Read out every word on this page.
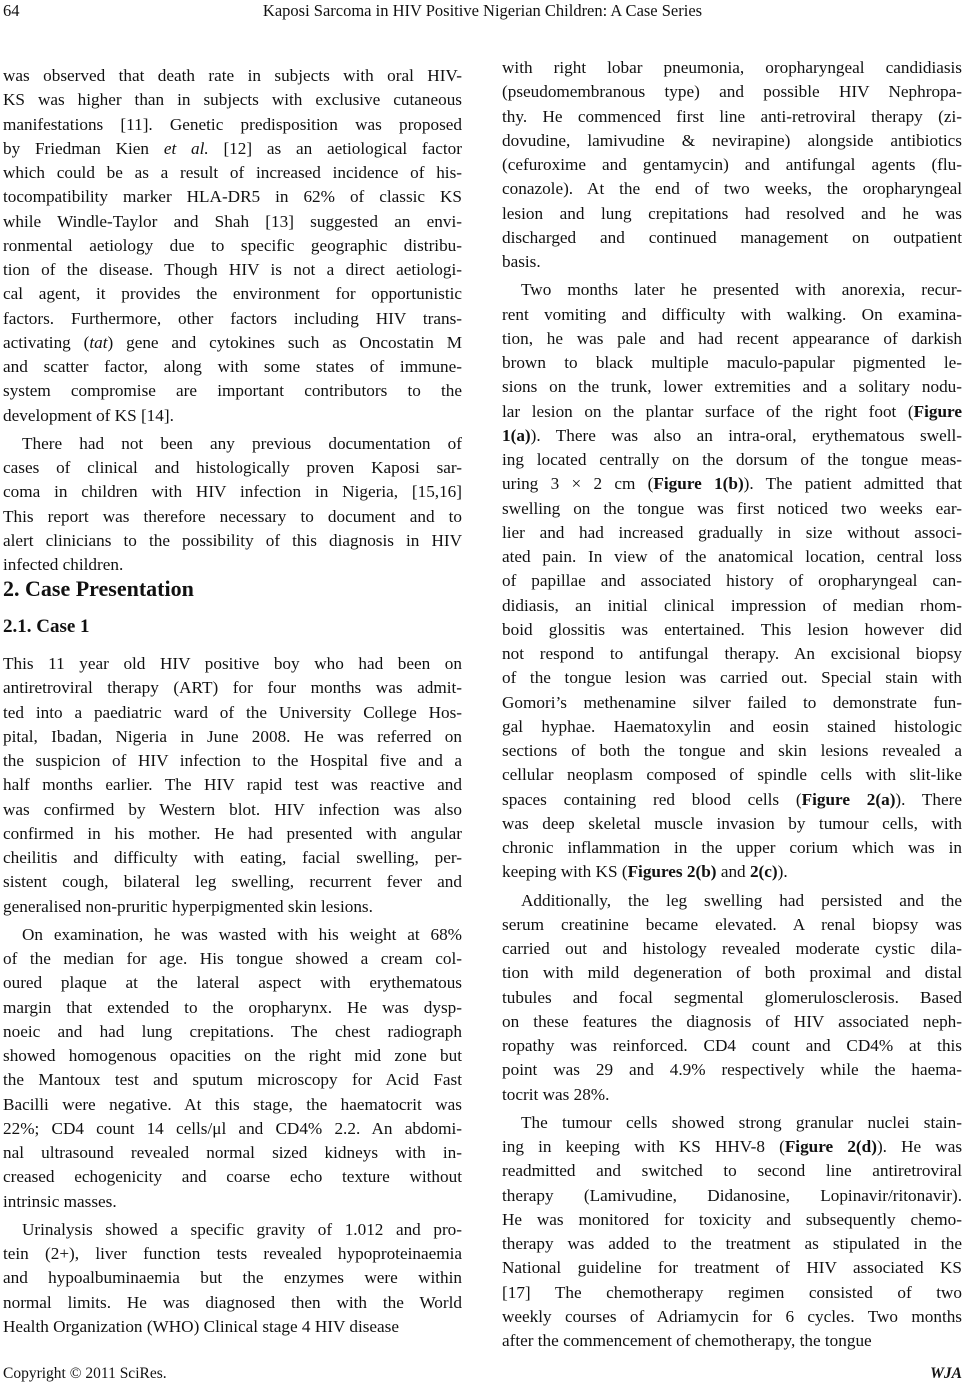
64	Kaposi Sarcoma in HIV Positive Nigerian Children: A Case Series
was observed that death rate in subjects with oral HIV-
KS was higher than in subjects with exclusive cutaneous
manifestations [11]. Genetic predisposition was proposed
by Friedman Kien et al. [12] as an aetiological factor
which could be as a result of increased incidence of his-
tocompatibility marker HLA-DR5 in 62% of classic KS
while Windle-Taylor and Shah [13] suggested an envi-
ronmental aetiology due to specific geographic distribu-
tion of the disease. Though HIV is not a direct aetiologi-
cal agent, it provides the environment for opportunistic
factors. Furthermore, other factors including HIV trans-
activating (tat) gene and cytokines such as Oncostatin M
and scatter factor, along with some states of immune-
system compromise are important contributors to the
development of KS [14].
There had not been any previous documentation of
cases of clinical and histologically proven Kaposi sar-
coma in children with HIV infection in Nigeria, [15,16]
This report was therefore necessary to document and to
alert clinicians to the possibility of this diagnosis in HIV
infected children.
2. Case Presentation
2.1. Case 1
This 11 year old HIV positive boy who had been on
antiretroviral therapy (ART) for four months was admit-
ted into a paediatric ward of the University College Hos-
pital, Ibadan, Nigeria in June 2008. He was referred on
the suspicion of HIV infection to the Hospital five and a
half months earlier. The HIV rapid test was reactive and
was confirmed by Western blot. HIV infection was also
confirmed in his mother. He had presented with angular
cheilitis and difficulty with eating, facial swelling, per-
sistent cough, bilateral leg swelling, recurrent fever and
generalised non-pruritic hyperpigmented skin lesions.
On examination, he was wasted with his weight at 68%
of the median for age. His tongue showed a cream col-
oured plaque at the lateral aspect with erythematous
margin that extended to the oropharynx. He was dysp-
noeic and had lung crepitations. The chest radiograph
showed homogenous opacities on the right mid zone but
the Mantoux test and sputum microscopy for Acid Fast
Bacilli were negative. At this stage, the haematocrit was
22%; CD4 count 14 cells/μl and CD4% 2.2. An abdomi-
nal ultrasound revealed normal sized kidneys with in-
creased echogenicity and coarse echo texture without
intrinsic masses.
Urinalysis showed a specific gravity of 1.012 and pro-
tein (2+), liver function tests revealed hypoproteinaemia
and hypoalbuminaemia but the enzymes were within
normal limits. He was diagnosed then with the World
Health Organization (WHO) Clinical stage 4 HIV disease
with right lobar pneumonia, oropharyngeal candidiasis
(pseudomembranous type) and possible HIV Nephropa-
thy. He commenced first line anti-retroviral therapy (zi-
dovudine, lamivudine & nevirapine) alongside antibiotics
(cefuroxime and gentamycin) and antifungal agents (flu-
conazole). At the end of two weeks, the oropharyngeal
lesion and lung crepitations had resolved and he was
discharged and continued management on outpatient
basis.
Two months later he presented with anorexia, recur-
rent vomiting and difficulty with walking. On examina-
tion, he was pale and had recent appearance of darkish
brown to black multiple maculo-papular pigmented le-
sions on the trunk, lower extremities and a solitary nodu-
lar lesion on the plantar surface of the right foot (Figure
1(a)). There was also an intra-oral, erythematous swell-
ing located centrally on the dorsum of the tongue meas-
uring 3 × 2 cm (Figure 1(b)). The patient admitted that
swelling on the tongue was first noticed two weeks ear-
lier and had increased gradually in size without associ-
ated pain. In view of the anatomical location, central loss
of papillae and associated history of oropharyngeal can-
didiasis, an initial clinical impression of median rhom-
boid glossitis was entertained. This lesion however did
not respond to antifungal therapy. An excisional biopsy
of the tongue lesion was carried out. Special stain with
Gomori’s methenamine silver failed to demonstrate fun-
gal hyphae. Haematoxylin and eosin stained histologic
sections of both the tongue and skin lesions revealed a
cellular neoplasm composed of spindle cells with slit-like
spaces containing red blood cells (Figure 2(a)). There
was deep skeletal muscle invasion by tumour cells, with
chronic inflammation in the upper corium which was in
keeping with KS (Figures 2(b) and 2(c)).
Additionally, the leg swelling had persisted and the
serum creatinine became elevated. A renal biopsy was
carried out and histology revealed moderate cystic dila-
tion with mild degeneration of both proximal and distal
tubules and focal segmental glomerulosclerosis. Based
on these features the diagnosis of HIV associated neph-
ropathy was reinforced. CD4 count and CD4% at this
point was 29 and 4.9% respectively while the haema-
tocrit was 28%.
The tumour cells showed strong granular nuclei stain-
ing in keeping with KS HHV-8 (Figure 2(d)). He was
readmitted and switched to second line antiretroviral
therapy (Lamivudine, Didanosine, Lopinavir/ritonavir).
He was monitored for toxicity and subsequently chemo-
therapy was added to the treatment as stipulated in the
National guideline for treatment of HIV associated KS
[17] The chemotherapy regimen consisted of two
weekly courses of Adriamycin for 6 cycles. Two months
after the commencement of chemotherapy, the tongue
Copyright © 2011 SciRes.	WJA
